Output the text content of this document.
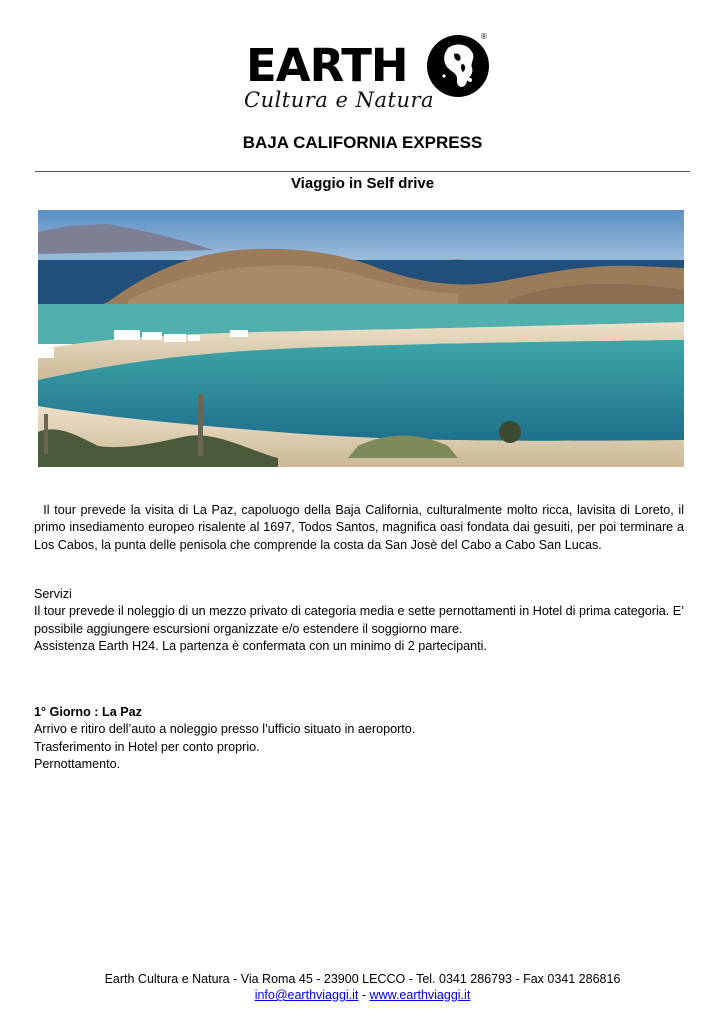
EARTH
®
Cultura e Natura
BAJA CALIFORNIA EXPRESS
Viaggio in Self drive
Il tour prevede la visita di La Paz, capoluogo della Baja California, culturalmente molto ricca, lavisita di Loreto, il primo insediamento europeo risalente al 1697, Todos Santos, magnifica oasi fondata dai gesuiti, per poi terminare a Los Cabos, la punta delle penisola che comprende la costa da San Josè del Cabo a Cabo San Lucas.
Servizi
Il tour prevede il noleggio di un mezzo privato di categoria media e sette pernottamenti in Hotel di prima categoria. E’ possibile aggiungere escursioni organizzate e/o estendere il soggiorno mare.
Assistenza Earth H24. La partenza è confermata con un minimo di 2 partecipanti.
1° Giorno : La Paz
Arrivo e ritiro dell’auto a noleggio presso l’ufficio situato in aeroporto.
Trasferimento in Hotel per conto proprio.
Pernottamento.
Earth Cultura e Natura - Via Roma 45 - 23900 LECCO - Tel. 0341 286793 - Fax 0341 286816
info@earthviaggi.it - www.earthviaggi.it
